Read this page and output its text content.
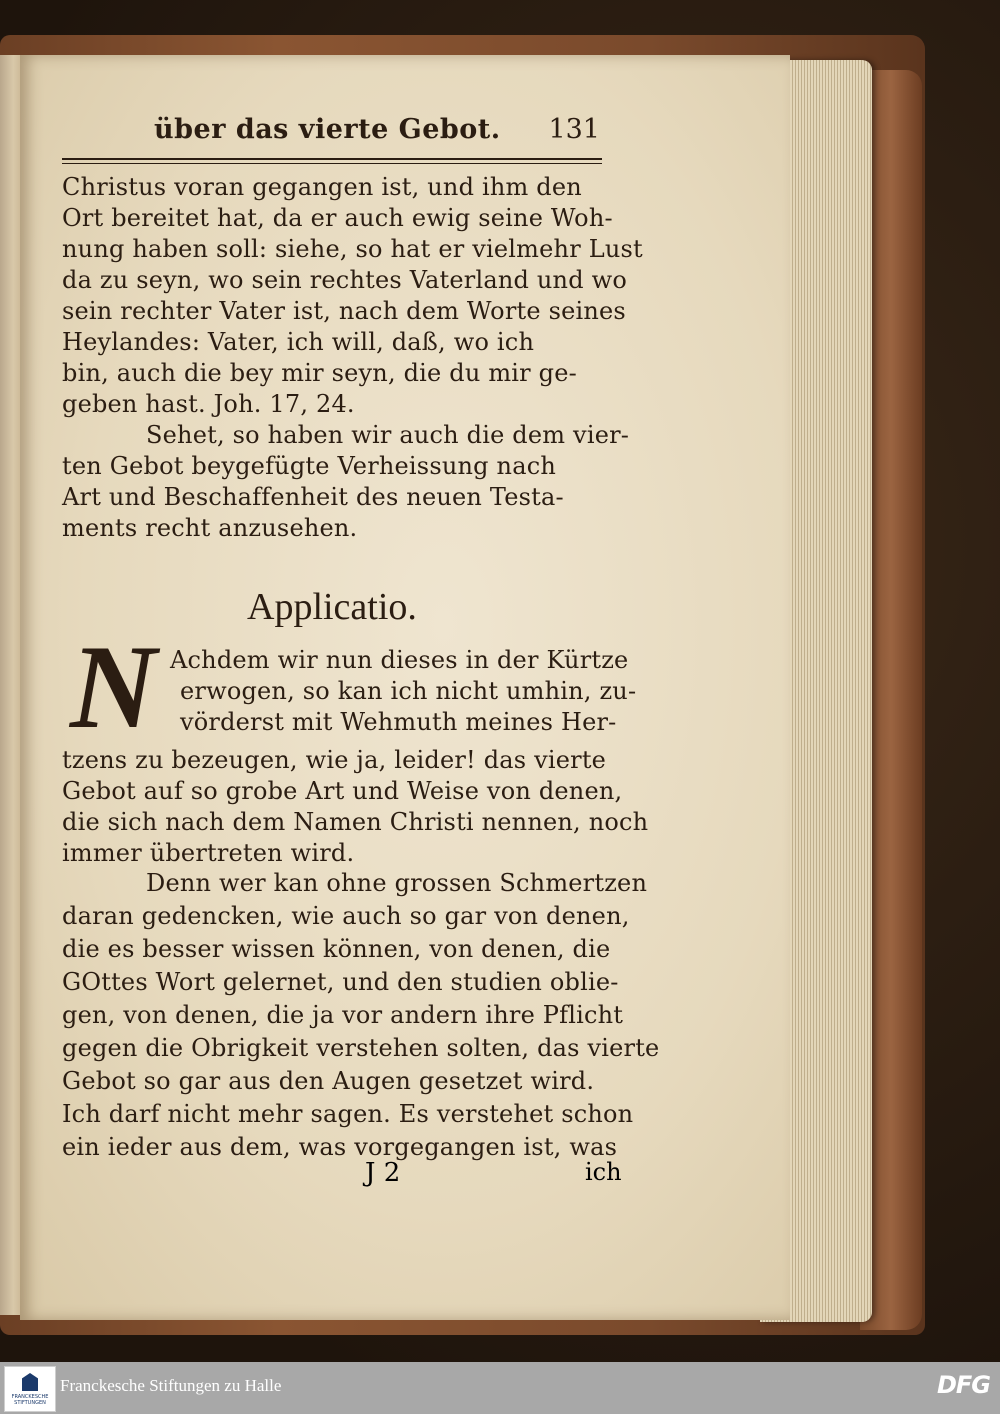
über das vierte Gebot. 131
Christus voran gegangen ist, und ihm den
Ort bereitet hat, da er auch ewig seine Woh-
nung haben soll: siehe, so hat er vielmehr Lust
da zu seyn, wo sein rechtes Vaterland und wo
sein rechter Vater ist, nach dem Worte seines
Heylandes: Vater, ich will, daß, wo ich
bin, auch die bey mir seyn, die du mir ge-
geben hast. Joh. 17, 24.
Sehet, so haben wir auch die dem vier-
ten Gebot beygefügte Verheissung nach
Art und Beschaffenheit des neuen Testa-
ments recht anzusehen.
Applicatio.
N Achdem wir nun dieses in der Kürtze
erwogen, so kan ich nicht umhin, zu-
vörderst mit Wehmuth meines Her-
tzens zu bezeugen, wie ja, leider! das vierte
Gebot auf so grobe Art und Weise von denen,
die sich nach dem Namen Christi nennen, noch
immer übertreten wird.
Denn wer kan ohne grossen Schmertzen
daran gedencken, wie auch so gar von denen,
die es besser wissen können, von denen, die
GOttes Wort gelernet, und den studien oblie-
gen, von denen, die ja vor andern ihre Pflicht
gegen die Obrigkeit verstehen solten, das vierte
Gebot so gar aus den Augen gesetzet wird.
Ich darf nicht mehr sagen. Es verstehet schon
ein ieder aus dem, was vorgegangen ist, was
J 2	ich
FRANCKESCHE STIFTUNGEN
Franckesche Stiftungen zu Halle	DFG
